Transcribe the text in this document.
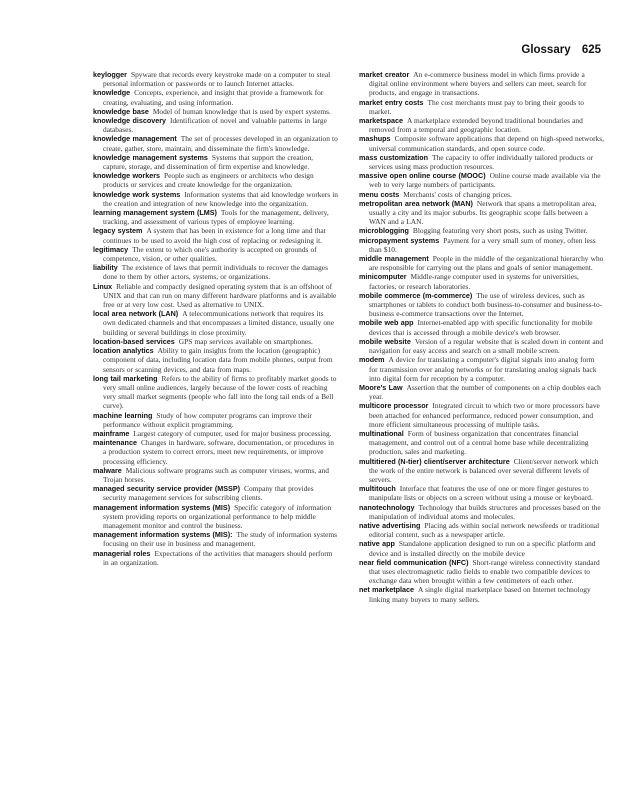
Glossary 625

keylogger Spyware that records every keystroke made on a computer to steal personal information or passwords or to launch Internet attacks.

knowledge Concepts, experience, and insight that provide a framework for creating, evaluating, and using information.

knowledge base Model of human knowledge that is used by expert systems.

knowledge discovery Identification of novel and valuable patterns in large databases.

knowledge management The set of processes developed in an organization to create, gather, store, maintain, and disseminate the firm's knowledge.

knowledge management systems Systems that support the creation, capture, storage, and dissemination of firm expertise and knowledge.

knowledge workers People such as engineers or architects who design products or services and create knowledge for the organization.

knowledge work systems Information systems that aid knowledge workers in the creation and integration of new knowledge into the organization.

learning management system (LMS) Tools for the management, delivery, tracking, and assessment of various types of employee learning.

legacy system A system that has been in existence for a long time and that continues to be used to avoid the high cost of replacing or redesigning it.

legitimacy The extent to which one's authority is accepted on grounds of competence, vision, or other qualities.

liability The existence of laws that permit individuals to recover the damages done to them by other actors, systems, or organizations.

Linux Reliable and compactly designed operating system that is an offshoot of UNIX and that can run on many different hardware platforms and is available free or at very low cost. Used as alternative to UNIX.

local area network (LAN) A telecommunications network that requires its own dedicated channels and that encompasses a limited distance, usually one building or several buildings in close proximity.

location-based services GPS map services available on smartphones.

location analytics Ability to gain insights from the location (geographic) component of data, including location data from mobile phones, output from sensors or scanning devices, and data from maps.

long tail marketing Refers to the ability of firms to profitably market goods to very small online audiences, largely because of the lower costs of reaching very small market segments (people who fall into the long tail ends of a Bell curve).

machine learning Study of how computer programs can improve their performance without explicit programming.

mainframe Largest category of computer, used for major business processing.

maintenance Changes in hardware, software, documentation, or procedures in a production system to correct errors, meet new requirements, or improve processing efficiency.

malware Malicious software programs such as computer viruses, worms, and Trojan horses.

managed security service provider (MSSP) Company that provides security management services for subscribing clients.

management information systems (MIS) Specific category of information system providing reports on organizational performance to help middle management monitor and control the business.

management information systems (MIS): The study of information systems focusing on their use in business and management.

managerial roles Expectations of the activities that managers should perform in an organization.

market creator An e-commerce business model in which firms provide a digital online environment where buyers and sellers can meet, search for products, and engage in transactions.

market entry costs The cost merchants must pay to bring their goods to market.

marketspace A marketplace extended beyond traditional boundaries and removed from a temporal and geographic location.

mashups Composite software applications that depend on high-speed networks, universal communication standards, and open source code.

mass customization The capacity to offer individually tailored products or services using mass production resources.

massive open online course (MOOC) Online course made available via the web to very large numbers of participants.

menu costs Merchants' costs of changing prices.

metropolitan area network (MAN) Network that spans a metropolitan area, usually a city and its major suburbs. Its geographic scope falls between a WAN and a LAN.

microblogging Blogging featuring very short posts, such as using Twitter.

micropayment systems Payment for a very small sum of money, often less than $10.

middle management People in the middle of the organizational hierarchy who are responsible for carrying out the plans and goals of senior management.

minicomputer Middle-range computer used in systems for universities, factories, or research laboratories.

mobile commerce (m-commerce) The use of wireless devices, such as smartphones or tablets to conduct both business-to-consumer and business-to-business e-commerce transactions over the Internet.

mobile web app Internet-enabled app with specific functionality for mobile devices that is accessed through a mobile device's web browser.

mobile website Version of a regular website that is scaled down in content and navigation for easy access and search on a small mobile screen.

modem A device for translating a computer's digital signals into analog form for transmission over analog networks or for translating analog signals back into digital form for reception by a computer.

Moore's Law Assertion that the number of components on a chip doubles each year.

multicore processor Integrated circuit to which two or more processors have been attached for enhanced performance, reduced power consumption, and more efficient simultaneous processing of multiple tasks.

multinational Form of business organization that concentrates financial management, and control out of a central home base while decentralizing production, sales and marketing.

multitiered (N-tier) client/server architecture Client/server network which the work of the entire network is balanced over several different levels of servers.

multitouch Interface that features the use of one or more finger gestures to manipulate lists or objects on a screen without using a mouse or keyboard.

nanotechnology Technology that builds structures and processes based on the manipulation of individual atoms and molecules.

native advertising Placing ads within social network newsfeeds or traditional editorial content, such as a newspaper article.

native app Standalone application designed to run on a specific platform and device and is installed directly on the mobile device

near field communication (NFC) Short-range wireless connectivity standard that uses electromagnetic radio fields to enable two compatible devices to exchange data when brought within a few centimeters of each other.

net marketplace A single digital marketplace based on Internet technology linking many buyers to many sellers.
